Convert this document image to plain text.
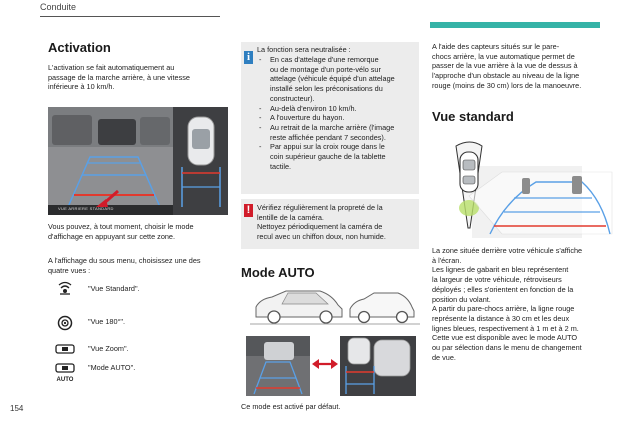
Conduite
Activation
L'activation se fait automatiquement au
passage de la marche arrière, à une vitesse
inférieure à 10 km/h.
VUE ARRIERE STANDARD
Vous pouvez, à tout moment, choisir le mode
d'affichage en appuyant sur cette zone.
A l'affichage du sous menu, choisissez une des
quatre vues :
"Vue Standard".
"Vue 180°".
"Vue Zoom".
AUTO
"Mode AUTO".
154
i
La fonction sera neutralisée :
- En cas d'attelage d'une remorque
ou de montage d'un porte-vélo sur
attelage (véhicule équipé d'un attelage
installé selon les préconisations du
constructeur).
- Au-delà d'environ 10 km/h.
- A l'ouverture du hayon.
- Au retrait de la marche arrière (l'image
reste affichée pendant 7 secondes).
- Par appui sur la croix rouge dans le
coin supérieur gauche de la tablette
tactile.
! Vérifiez régulièrement la propreté de la
lentille de la caméra.
Nettoyez périodiquement la caméra de
recul avec un chiffon doux, non humide.
Mode AUTO
Ce mode est activé par défaut.
A l'aide des capteurs situés sur le pare-
chocs arrière, la vue automatique permet de
passer de la vue arrière à la vue de dessus à
l'approche d'un obstacle au niveau de la ligne
rouge (moins de 30 cm) lors de la manoeuvre.
Vue standard
La zone située derrière votre véhicule s'affiche
à l'écran.
Les lignes de gabarit en bleu représentent
la largeur de votre véhicule, rétroviseurs
déployés ; elles s'orientent en fonction de la
position du volant.
A partir du pare-chocs arrière, la ligne rouge
représente la distance à 30 cm et les deux
lignes bleues, respectivement à 1 m et à 2 m.
Cette vue est disponible avec le mode AUTO
ou par sélection dans le menu de changement
de vue.
